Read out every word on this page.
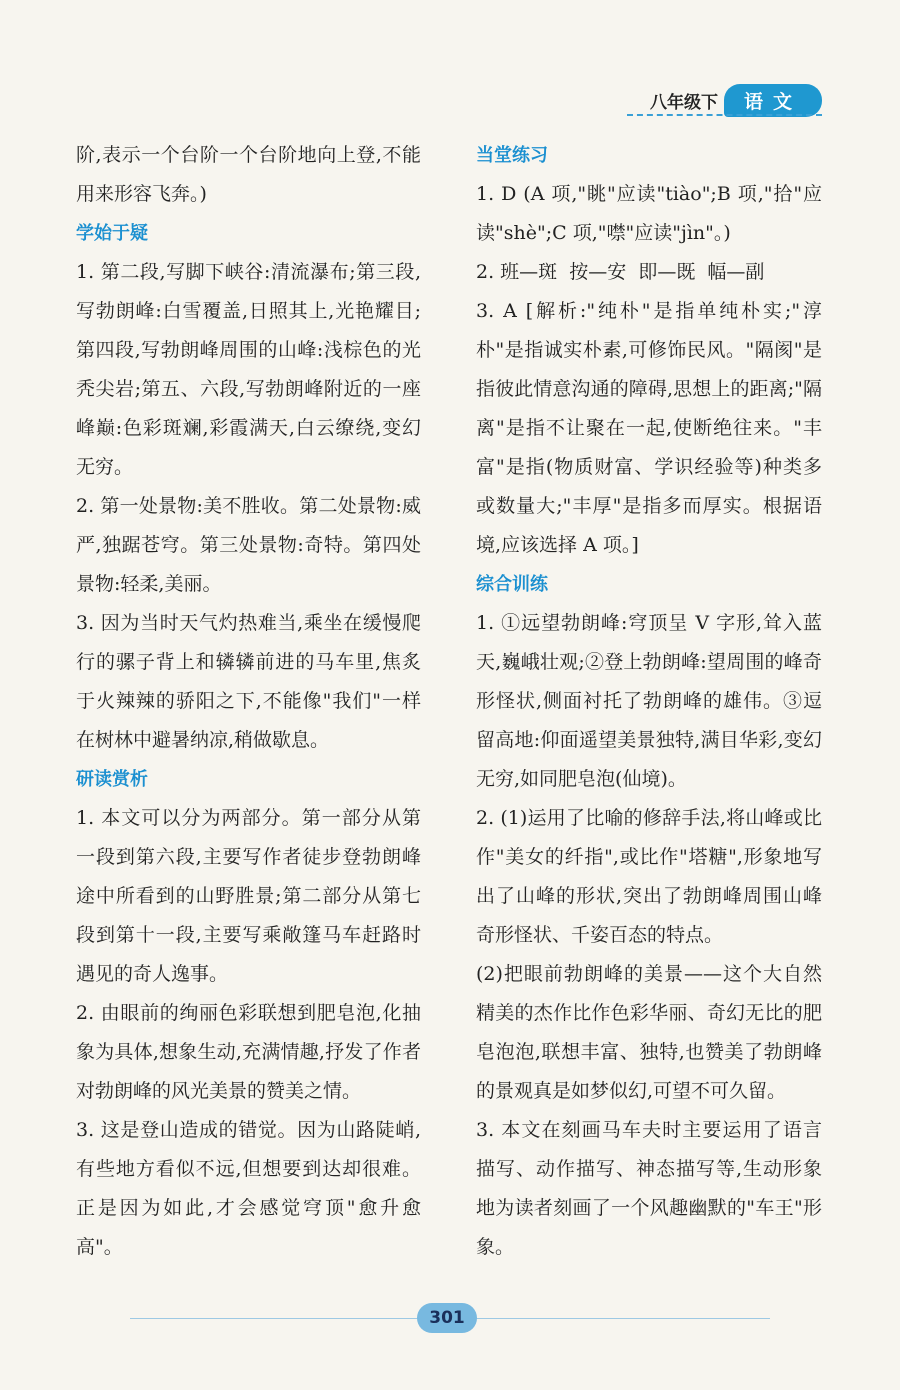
八年级下	语文
阶,表示一个台阶一个台阶地向上登,不能用来形容飞奔。)
学始于疑
1. 第二段,写脚下峡谷:清流瀑布;第三段,写勃朗峰:白雪覆盖,日照其上,光艳耀目;第四段,写勃朗峰周围的山峰:浅棕色的光秃尖岩;第五、六段,写勃朗峰附近的一座峰巅:色彩斑斓,彩霞满天,白云缭绕,变幻无穷。
2. 第一处景物:美不胜收。第二处景物:威严,独踞苍穹。第三处景物:奇特。第四处景物:轻柔,美丽。
3. 因为当时天气灼热难当,乘坐在缓慢爬行的骡子背上和辚辚前进的马车里,焦炙于火辣辣的骄阳之下,不能像"我们"一样在树林中避暑纳凉,稍做歇息。
研读赏析
1. 本文可以分为两部分。第一部分从第一段到第六段,主要写作者徒步登勃朗峰途中所看到的山野胜景;第二部分从第七段到第十一段,主要写乘敞篷马车赶路时遇见的奇人逸事。
2. 由眼前的绚丽色彩联想到肥皂泡,化抽象为具体,想象生动,充满情趣,抒发了作者对勃朗峰的风光美景的赞美之情。
3. 这是登山造成的错觉。因为山路陡峭,有些地方看似不远,但想要到达却很难。正是因为如此,才会感觉穹顶"愈升愈高"。
当堂练习
1. D (A 项,"眺"应读"tiào";B 项,"拾"应读"shè";C 项,"噤"应读"jìn"。)
2. 班—斑  按—安  即—既  幅—副
3. A [解析:"纯朴"是指单纯朴实;"淳朴"是指诚实朴素,可修饰民风。"隔阂"是指彼此情意沟通的障碍,思想上的距离;"隔离"是指不让聚在一起,使断绝往来。"丰富"是指(物质财富、学识经验等)种类多或数量大;"丰厚"是指多而厚实。根据语境,应该选择 A 项。]
综合训练
1. ①远望勃朗峰:穹顶呈 V 字形,耸入蓝天,巍峨壮观;②登上勃朗峰:望周围的峰奇形怪状,侧面衬托了勃朗峰的雄伟。③逗留高地:仰面遥望美景独特,满目华彩,变幻无穷,如同肥皂泡(仙境)。
2. (1)运用了比喻的修辞手法,将山峰或比作"美女的纤指",或比作"塔糖",形象地写出了山峰的形状,突出了勃朗峰周围山峰奇形怪状、千姿百态的特点。
(2)把眼前勃朗峰的美景——这个大自然精美的杰作比作色彩华丽、奇幻无比的肥皂泡泡,联想丰富、独特,也赞美了勃朗峰的景观真是如梦似幻,可望不可久留。
3. 本文在刻画马车夫时主要运用了语言描写、动作描写、神态描写等,生动形象地为读者刻画了一个风趣幽默的"车王"形象。
301
